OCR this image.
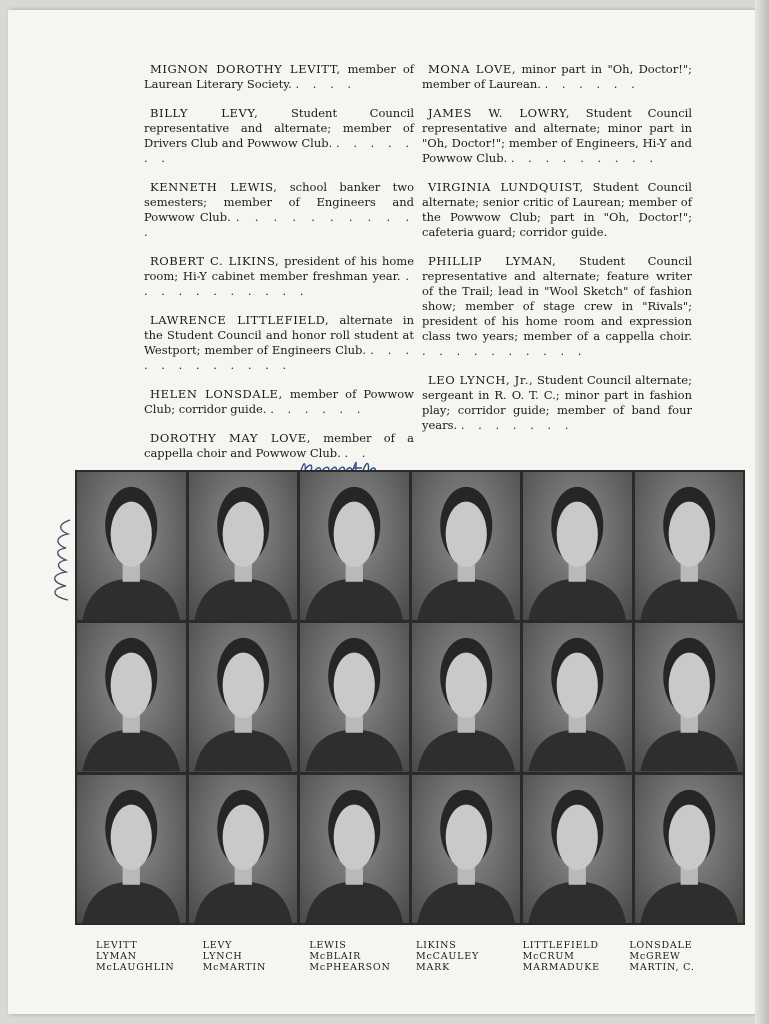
MIGNON DOROTHY LEVITT, member of Laurean Literary Society. . . . .

BILLY LEVY,	Student Council representative and alternate; member of Drivers Club and Powwow Club. . . . . . . .

KENNETH LEWIS, school banker two semesters; member of Engineers and Powwow Club. . . . . . . . . . . .

ROBERT C. LIKINS, president of his home room; Hi-Y cabinet member freshman year. . . . . . . . . . . .

LAWRENCE LITTLEFIELD, alternate in the Student Council and honor roll student at Westport; member of Engineers Club. . . . . . . . . . . . .

HELEN LONSDALE, member of Powwow Club; corridor guide. . . . . . .

DOROTHY MAY LOVE, member of a cappella choir and Powwow Club. . .

MONA LOVE, minor part in "Oh, Doctor!"; member of Laurean. . . . . . .

JAMES W. LOWRY, Student Council representative and alternate; minor part in "Oh, Doctor!"; member of Engineers, Hi-Y and Powwow Club. . . . . . . . . .

VIRGINIA LUNDQUIST, Student Council alternate; senior critic of Laurean; member of the Powwow Club; part in "Oh, Doctor!"; cafeteria guard; corridor guide.

PHILLIP LYMAN, Student Council representative and alternate; feature writer of the Trail; lead in "Wool Sketch" of fashion show; member of stage crew in "Rivals"; president of his home room and expression class two years; member of a cappella choir. . . . . . . . . . .

LEO LYNCH, Jr., Student Council alternate; sergeant in R. O. T. C.; minor part in fashion play; corridor guide; member of band four years. . . . . . . .

LEVITT
LYMAN
McLAUGHLIN
LEVY
LYNCH
McMARTIN
LEWIS
McBLAIR
McPHEARSON
LIKINS
McCAULEY
MARK
LITTLEFIELD
McCRUM
MARMADUKE
LONSDALE
McGREW
MARTIN, C.
